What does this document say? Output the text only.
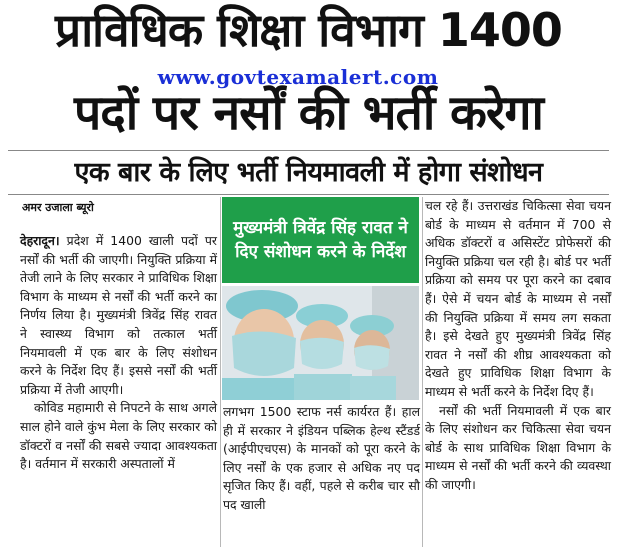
प्राविधिक शिक्षा विभाग 1400
www.govtexamalert.com
पदों पर नर्सों की भर्ती करेगा
एक बार के लिए भर्ती नियमावली में होगा संशोधन
अमर उजाला ब्यूरो

देहरादून। प्रदेश में 1400 खाली पदों पर नर्सों की भर्ती की जाएगी। नियुक्ति प्रक्रिया में तेजी लाने के लिए सरकार ने प्राविधिक शिक्षा विभाग के माध्यम से नर्सों की भर्ती करने का निर्णय लिया है। मुख्यमंत्री त्रिवेंद्र सिंह रावत ने स्वास्थ्य विभाग को तत्काल भर्ती नियमावली में एक बार के लिए संशोधन करने के निर्देश दिए हैं। इससे नर्सों की भर्ती प्रक्रिया में तेजी आएगी।

कोविड महामारी से निपटने के साथ अगले साल होने वाले कुंभ मेला के लिए सरकार को डॉक्टरों व नर्सों की सबसे ज्यादा आवश्यकता है। वर्तमान में सरकारी अस्पतालों में

मुख्यमंत्री त्रिवेंद्र सिंह रावत ने दिए संशोधन करने के निर्देश

लगभग 1500 स्टाफ नर्स कार्यरत हैं। हाल ही में सरकार ने इंडियन पब्लिक हेल्थ स्टैंडर्ड (आईपीएचएस) के मानकों को पूरा करने के लिए नर्सों के एक हजार से अधिक नए पद सृजित किए हैं। वहीं, पहले से करीब चार सौ पद खाली

चल रहे हैं। उत्तराखंड चिकित्सा सेवा चयन बोर्ड के माध्यम से वर्तमान में 700 से अधिक डॉक्टरों व असिस्टेंट प्रोफेसरों की नियुक्ति प्रक्रिया चल रही है। बोर्ड पर भर्ती प्रक्रिया को समय पर पूरा करने का दबाव हैं। ऐसे में चयन बोर्ड के माध्यम से नर्सों की नियुक्ति प्रक्रिया में समय लग सकता है। इसे देखते हुए मुख्यमंत्री त्रिवेंद्र सिंह रावत ने नर्सों की शीघ्र आवश्यकता को देखते हुए प्राविधिक शिक्षा विभाग के माध्यम से भर्ती करने के निर्देश दिए हैं।

नर्सों की भर्ती नियमावली में एक बार के लिए संशोधन कर चिकित्सा सेवा चयन बोर्ड के साथ प्राविधिक शिक्षा विभाग के माध्यम से नर्सों की भर्ती करने की व्यवस्था की जाएगी।
